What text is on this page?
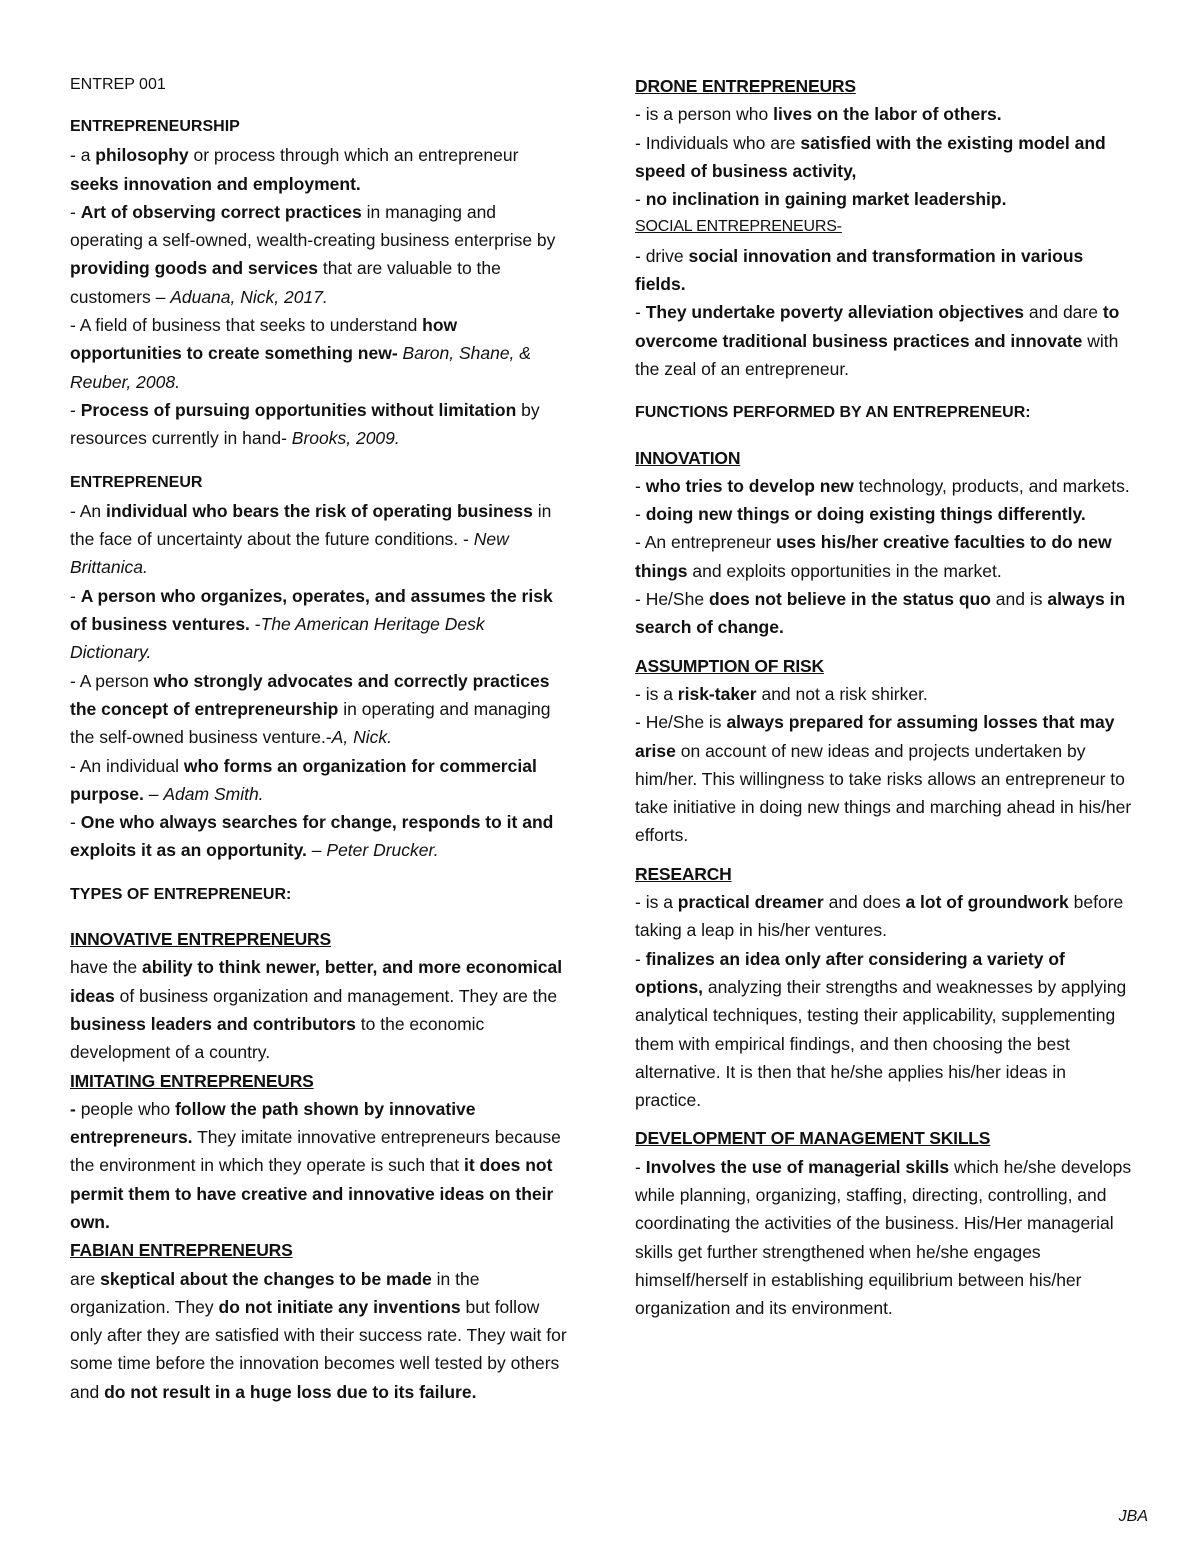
ENTREP 001
ENTREPRENEURSHIP
- a philosophy or process through which an entrepreneur seeks innovation and employment.
- Art of observing correct practices in managing and operating a self-owned, wealth-creating business enterprise by providing goods and services that are valuable to the customers – Aduana, Nick, 2017.
- A field of business that seeks to understand how opportunities to create something new- Baron, Shane, & Reuber, 2008.
- Process of pursuing opportunities without limitation by resources currently in hand- Brooks, 2009.
ENTREPRENEUR
- An individual who bears the risk of operating business in the face of uncertainty about the future conditions. - New Brittanica.
- A person who organizes, operates, and assumes the risk of business ventures. -The American Heritage Desk Dictionary.
- A person who strongly advocates and correctly practices the concept of entrepreneurship in operating and managing the self-owned business venture.-A, Nick.
- An individual who forms an organization for commercial purpose. – Adam Smith.
- One who always searches for change, responds to it and exploits it as an opportunity. – Peter Drucker.
TYPES OF ENTREPRENEUR:
INNOVATIVE ENTREPRENEURS
have the ability to think newer, better, and more economical ideas of business organization and management. They are the business leaders and contributors to the economic development of a country.
IMITATING ENTREPRENEURS
- people who follow the path shown by innovative entrepreneurs. They imitate innovative entrepreneurs because the environment in which they operate is such that it does not permit them to have creative and innovative ideas on their own.
FABIAN ENTREPRENEURS
are skeptical about the changes to be made in the organization. They do not initiate any inventions but follow only after they are satisfied with their success rate. They wait for some time before the innovation becomes well tested by others and do not result in a huge loss due to its failure.
DRONE ENTREPRENEURS
- is a person who lives on the labor of others.
- Individuals who are satisfied with the existing model and speed of business activity,
- no inclination in gaining market leadership.
SOCIAL ENTREPRENEURS-
- drive social innovation and transformation in various fields.
- They undertake poverty alleviation objectives and dare to overcome traditional business practices and innovate with the zeal of an entrepreneur.
FUNCTIONS PERFORMED BY AN ENTREPRENEUR:
INNOVATION
- who tries to develop new technology, products, and markets.
- doing new things or doing existing things differently.
- An entrepreneur uses his/her creative faculties to do new things and exploits opportunities in the market.
- He/She does not believe in the status quo and is always in search of change.
ASSUMPTION OF RISK
- is a risk-taker and not a risk shirker.
- He/She is always prepared for assuming losses that may arise on account of new ideas and projects undertaken by him/her. This willingness to take risks allows an entrepreneur to take initiative in doing new things and marching ahead in his/her efforts.
RESEARCH
- is a practical dreamer and does a lot of groundwork before taking a leap in his/her ventures.
- finalizes an idea only after considering a variety of options, analyzing their strengths and weaknesses by applying analytical techniques, testing their applicability, supplementing them with empirical findings, and then choosing the best alternative. It is then that he/she applies his/her ideas in practice.
DEVELOPMENT OF MANAGEMENT SKILLS
- Involves the use of managerial skills which he/she develops while planning, organizing, staffing, directing, controlling, and coordinating the activities of the business. His/Her managerial skills get further strengthened when he/she engages himself/herself in establishing equilibrium between his/her organization and its environment.
JBA
